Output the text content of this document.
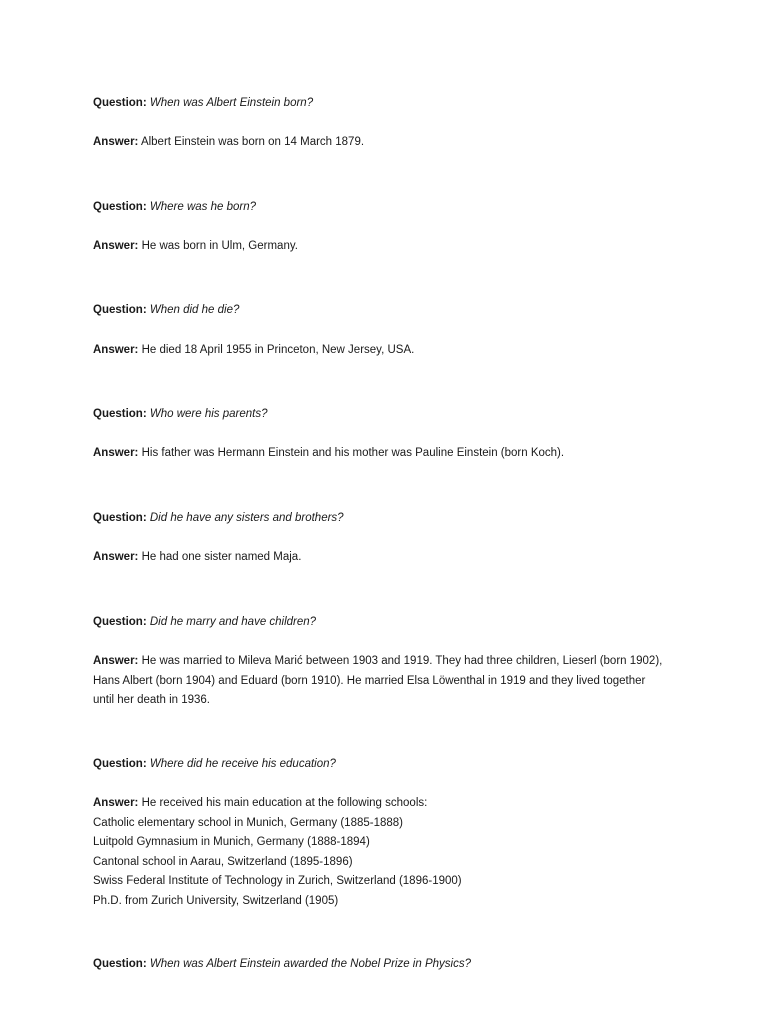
Question: When was Albert Einstein born?
Answer: Albert Einstein was born on 14 March 1879.
Question: Where was he born?
Answer: He was born in Ulm, Germany.
Question: When did he die?
Answer: He died 18 April 1955 in Princeton, New Jersey, USA.
Question: Who were his parents?
Answer: His father was Hermann Einstein and his mother was Pauline Einstein (born Koch).
Question: Did he have any sisters and brothers?
Answer: He had one sister named Maja.
Question: Did he marry and have children?
Answer: He was married to Mileva Marić between 1903 and 1919. They had three children, Lieserl (born 1902),
Hans Albert (born 1904) and Eduard (born 1910). He married Elsa Löwenthal in 1919 and they lived together
until her death in 1936.
Question: Where did he receive his education?
Answer: He received his main education at the following schools:
Catholic elementary school in Munich, Germany (1885-1888)
Luitpold Gymnasium in Munich, Germany (1888-1894)
Cantonal school in Aarau, Switzerland (1895-1896)
Swiss Federal Institute of Technology in Zurich, Switzerland (1896-1900)
Ph.D. from Zurich University, Switzerland (1905)
Question: When was Albert Einstein awarded the Nobel Prize in Physics?
